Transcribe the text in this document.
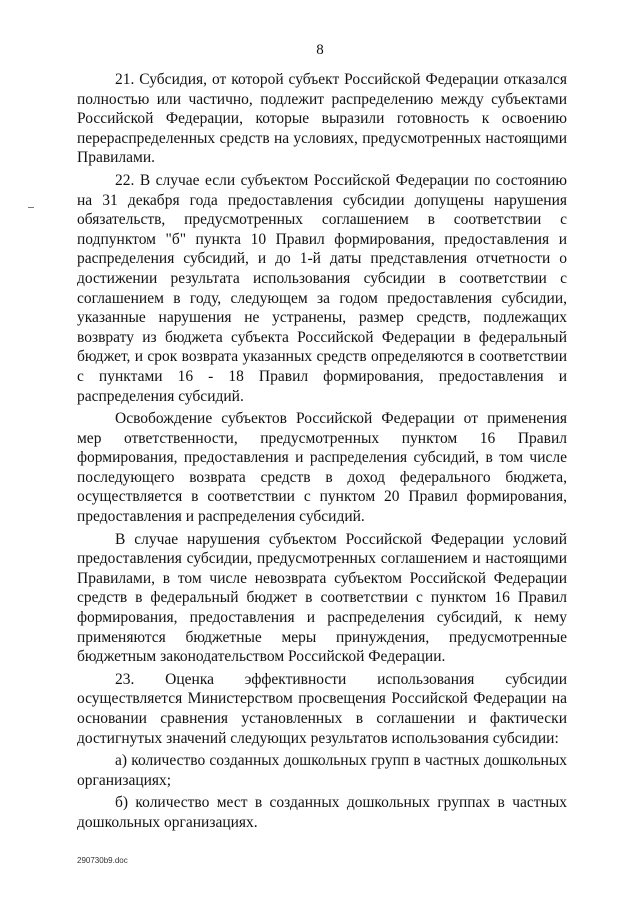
8

21. Субсидия, от которой субъект Российской Федерации отказался полностью или частично, подлежит распределению между субъектами Российской Федерации, которые выразили готовность к освоению перераспределенных средств на условиях, предусмотренных настоящими Правилами.

22. В случае если субъектом Российской Федерации по состоянию на 31 декабря года предоставления субсидии допущены нарушения обязательств, предусмотренных соглашением в соответствии с подпунктом "б" пункта 10 Правил формирования, предоставления и распределения субсидий, и до 1-й даты представления отчетности о достижении результата использования субсидии в соответствии с соглашением в году, следующем за годом предоставления субсидии, указанные нарушения не устранены, размер средств, подлежащих возврату из бюджета субъекта Российской Федерации в федеральный бюджет, и срок возврата указанных средств определяются в соответствии с пунктами 16 - 18 Правил формирования, предоставления и распределения субсидий.

Освобождение субъектов Российской Федерации от применения мер ответственности, предусмотренных пунктом 16 Правил формирования, предоставления и распределения субсидий, в том числе последующего возврата средств в доход федерального бюджета, осуществляется в соответствии с пунктом 20 Правил формирования, предоставления и распределения субсидий.

В случае нарушения субъектом Российской Федерации условий предоставления субсидии, предусмотренных соглашением и настоящими Правилами, в том числе невозврата субъектом Российской Федерации средств в федеральный бюджет в соответствии с пунктом 16 Правил формирования, предоставления и распределения субсидий, к нему применяются бюджетные меры принуждения, предусмотренные бюджетным законодательством Российской Федерации.

23. Оценка эффективности использования субсидии осуществляется Министерством просвещения Российской Федерации на основании сравнения установленных в соглашении и фактически достигнутых значений следующих результатов использования субсидии:

а) количество созданных дошкольных групп в частных дошкольных организациях;

б) количество мест в созданных дошкольных группах в частных дошкольных организациях.

290730b9.doc
